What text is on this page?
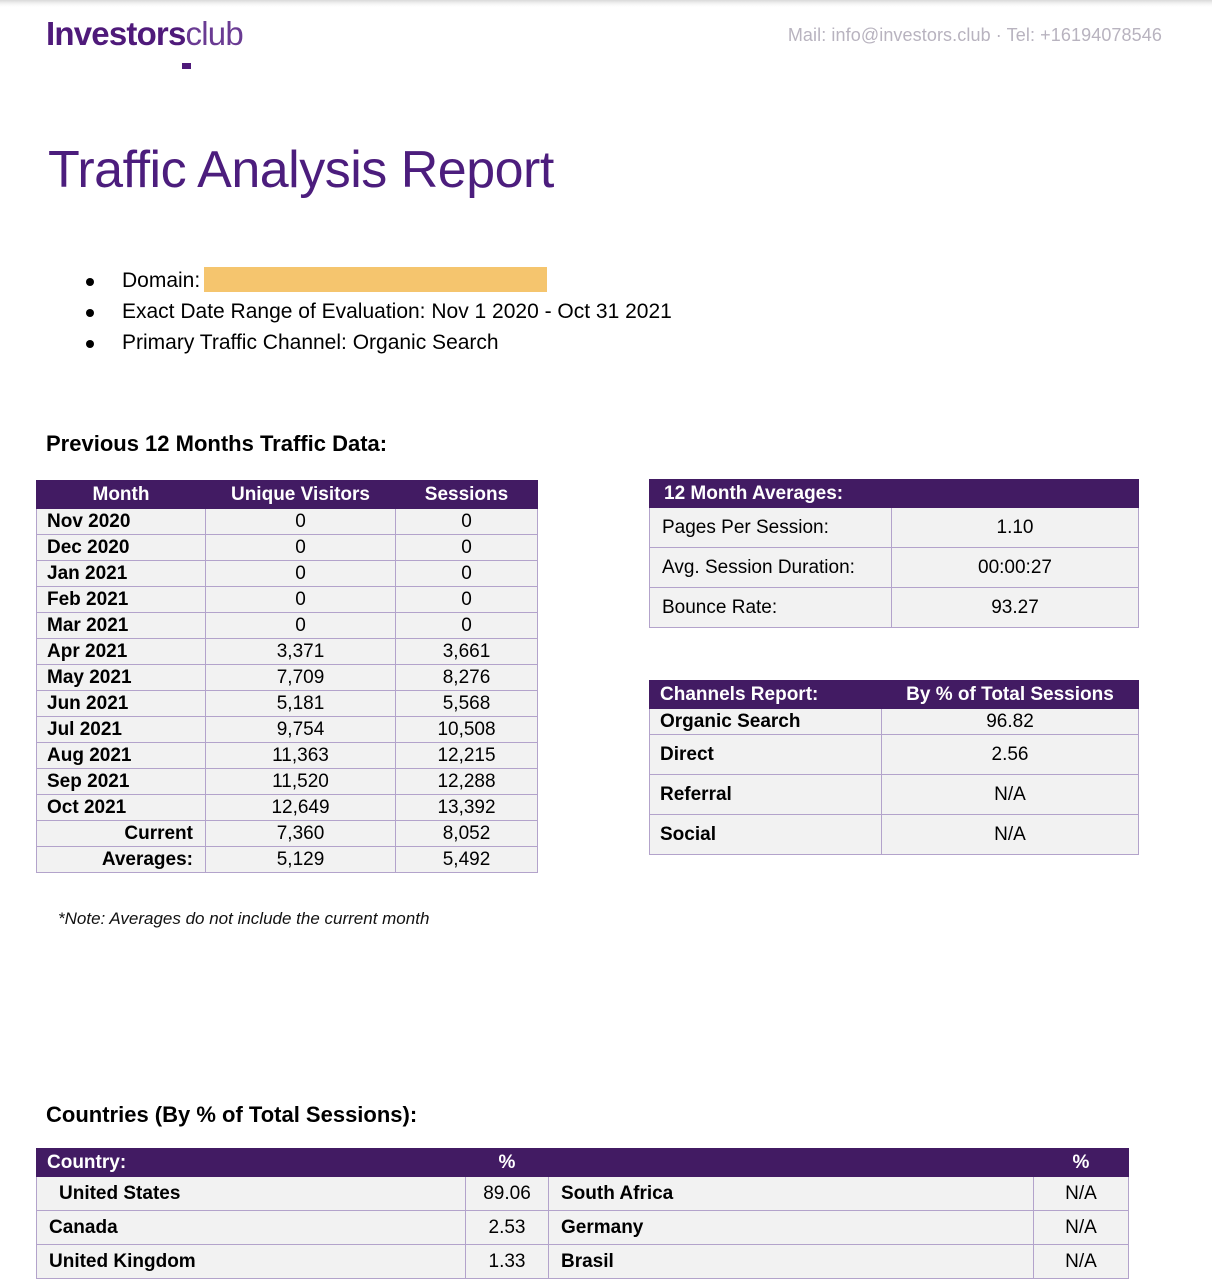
Investorsclub	Mail: info@investors.club · Tel: +16194078546
Traffic Analysis Report
Domain:
Exact Date Range of Evaluation: Nov 1 2020 - Oct 31 2021
Primary Traffic Channel: Organic Search
Previous 12 Months Traffic Data:
Month	Unique Visitors	Sessions
Nov 2020	0	0
Dec 2020	0	0
Jan 2021	0	0
Feb 2021	0	0
Mar 2021	0	0
Apr 2021	3,371	3,661
May 2021	7,709	8,276
Jun 2021	5,181	5,568
Jul 2021	9,754	10,508
Aug 2021	11,363	12,215
Sep 2021	11,520	12,288
Oct 2021	12,649	13,392
Current	7,360	8,052
Averages:	5,129	5,492
*Note: Averages do not include the current month
12 Month Averages:	
Pages Per Session:	1.10
Avg. Session Duration:	00:00:27
Bounce Rate:	93.27
Channels Report:	By % of Total Sessions
Organic Search	96.82
Direct	2.56
Referral	N/A
Social	N/A
Countries (By % of Total Sessions):
Country:	%		%
United States	89.06	South Africa	N/A
Canada	2.53	Germany	N/A
United Kingdom	1.33	Brasil	N/A
